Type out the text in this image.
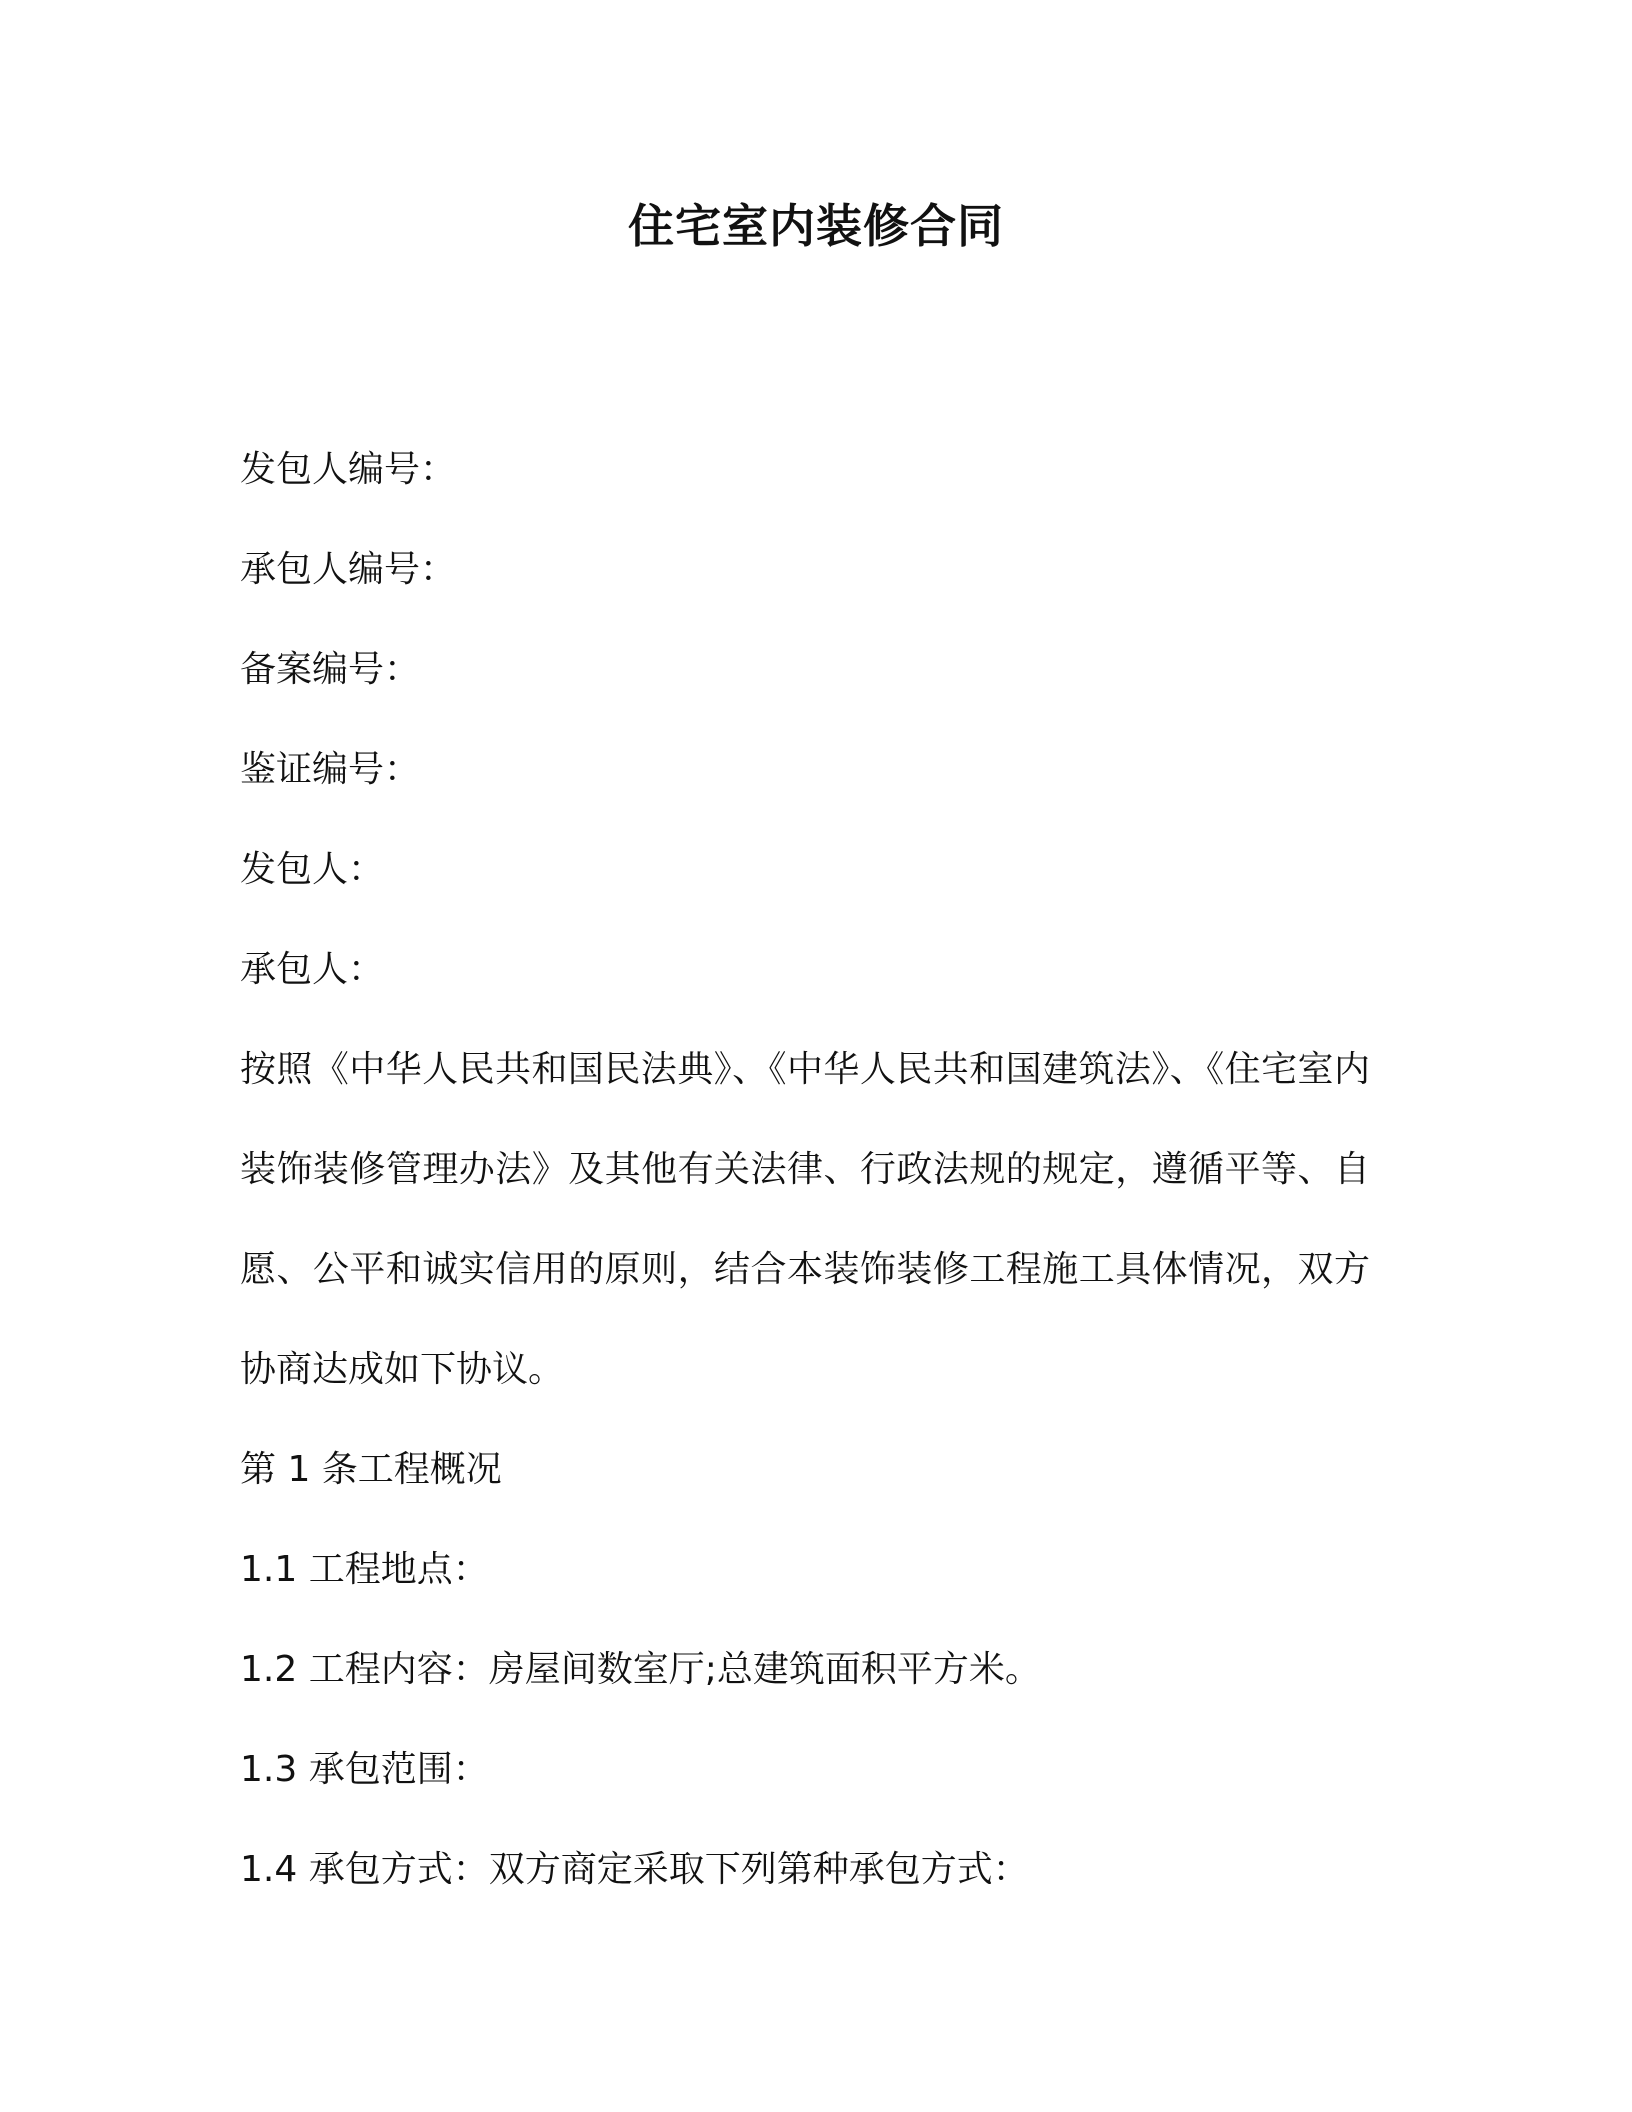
住宅室内装修合同
发包人编号：
承包人编号：
备案编号：
鉴证编号：
发包人：
承包人：
按照《中华人民共和国民法典》、《中华人民共和国建筑法》、《住宅室内装饰装修管理办法》及其他有关法律、行政法规的规定，遵循平等、自愿、公平和诚实信用的原则，结合本装饰装修工程施工具体情况，双方协商达成如下协议。
第 1 条工程概况
1.1 工程地点：
1.2 工程内容：房屋间数室厅;总建筑面积平方米。
1.3 承包范围：
1.4 承包方式：双方商定采取下列第种承包方式：
